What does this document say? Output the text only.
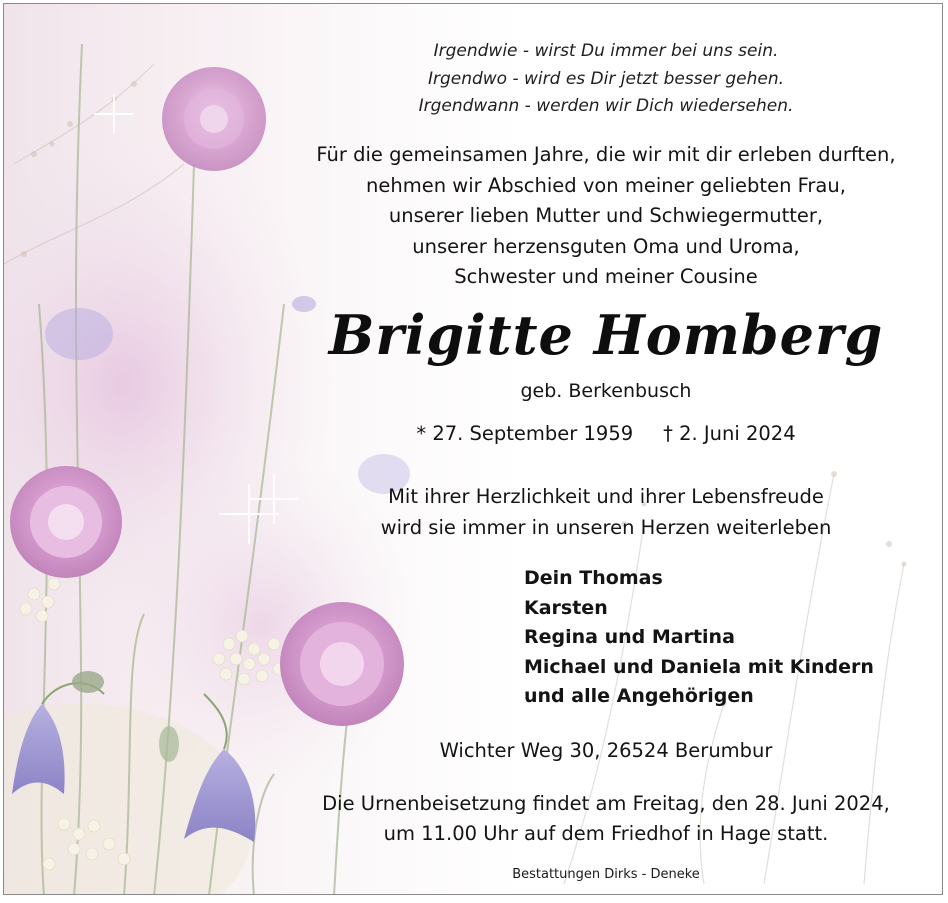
Irgendwie - wirst Du immer bei uns sein.
Irgendwo - wird es Dir jetzt besser gehen.
Irgendwann - werden wir Dich wiedersehen.
Für die gemeinsamen Jahre, die wir mit dir erleben durften,
nehmen wir Abschied von meiner geliebten Frau,
unserer lieben Mutter und Schwiegermutter,
unserer herzensguten Oma und Uroma,
Schwester und meiner Cousine
Brigitte Homberg
geb. Berkenbusch
* 27. September 1959 † 2. Juni 2024
Mit ihrer Herzlichkeit und ihrer Lebensfreude
wird sie immer in unseren Herzen weiterleben
Dein Thomas
Karsten
Regina und Martina
Michael und Daniela mit Kindern
und alle Angehörigen
Wichter Weg 30, 26524 Berumbur
Die Urnenbeisetzung findet am Freitag, den 28. Juni 2024,
um 11.00 Uhr auf dem Friedhof in Hage statt.
Bestattungen Dirks - Deneke
